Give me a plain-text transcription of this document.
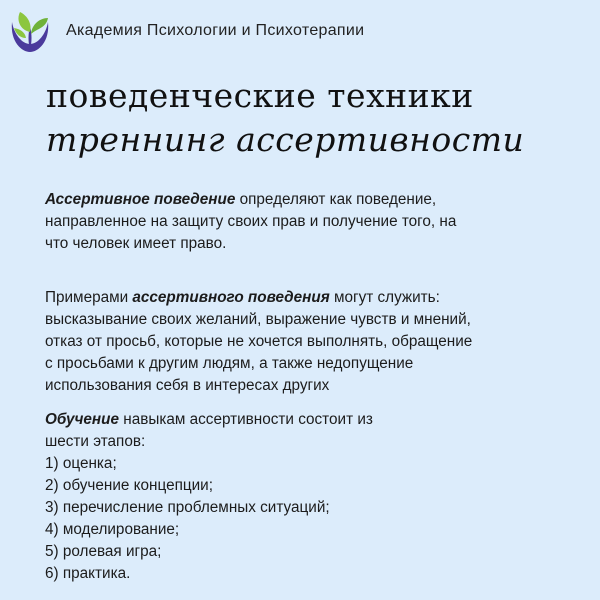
Академия Психологии и Психотерапии
поведенческие техники
треннинг ассертивности
Ассертивное поведение определяют как поведение,
направленное на защиту своих прав и получение того, на
что человек имеет право.
Примерами ассертивного поведения могут служить:
высказывание своих желаний, выражение чувств и мнений,
отказ от просьб, которые не хочется выполнять, обращение
с просьбами к другим людям, а также недопущение
использования себя в интересах других
Обучение навыкам ассертивности состоит из
шести этапов:
1) оценка;
2) обучение концепции;
3) перечисление проблемных ситуаций;
4) моделирование;
5) ролевая игра;
6) практика.
